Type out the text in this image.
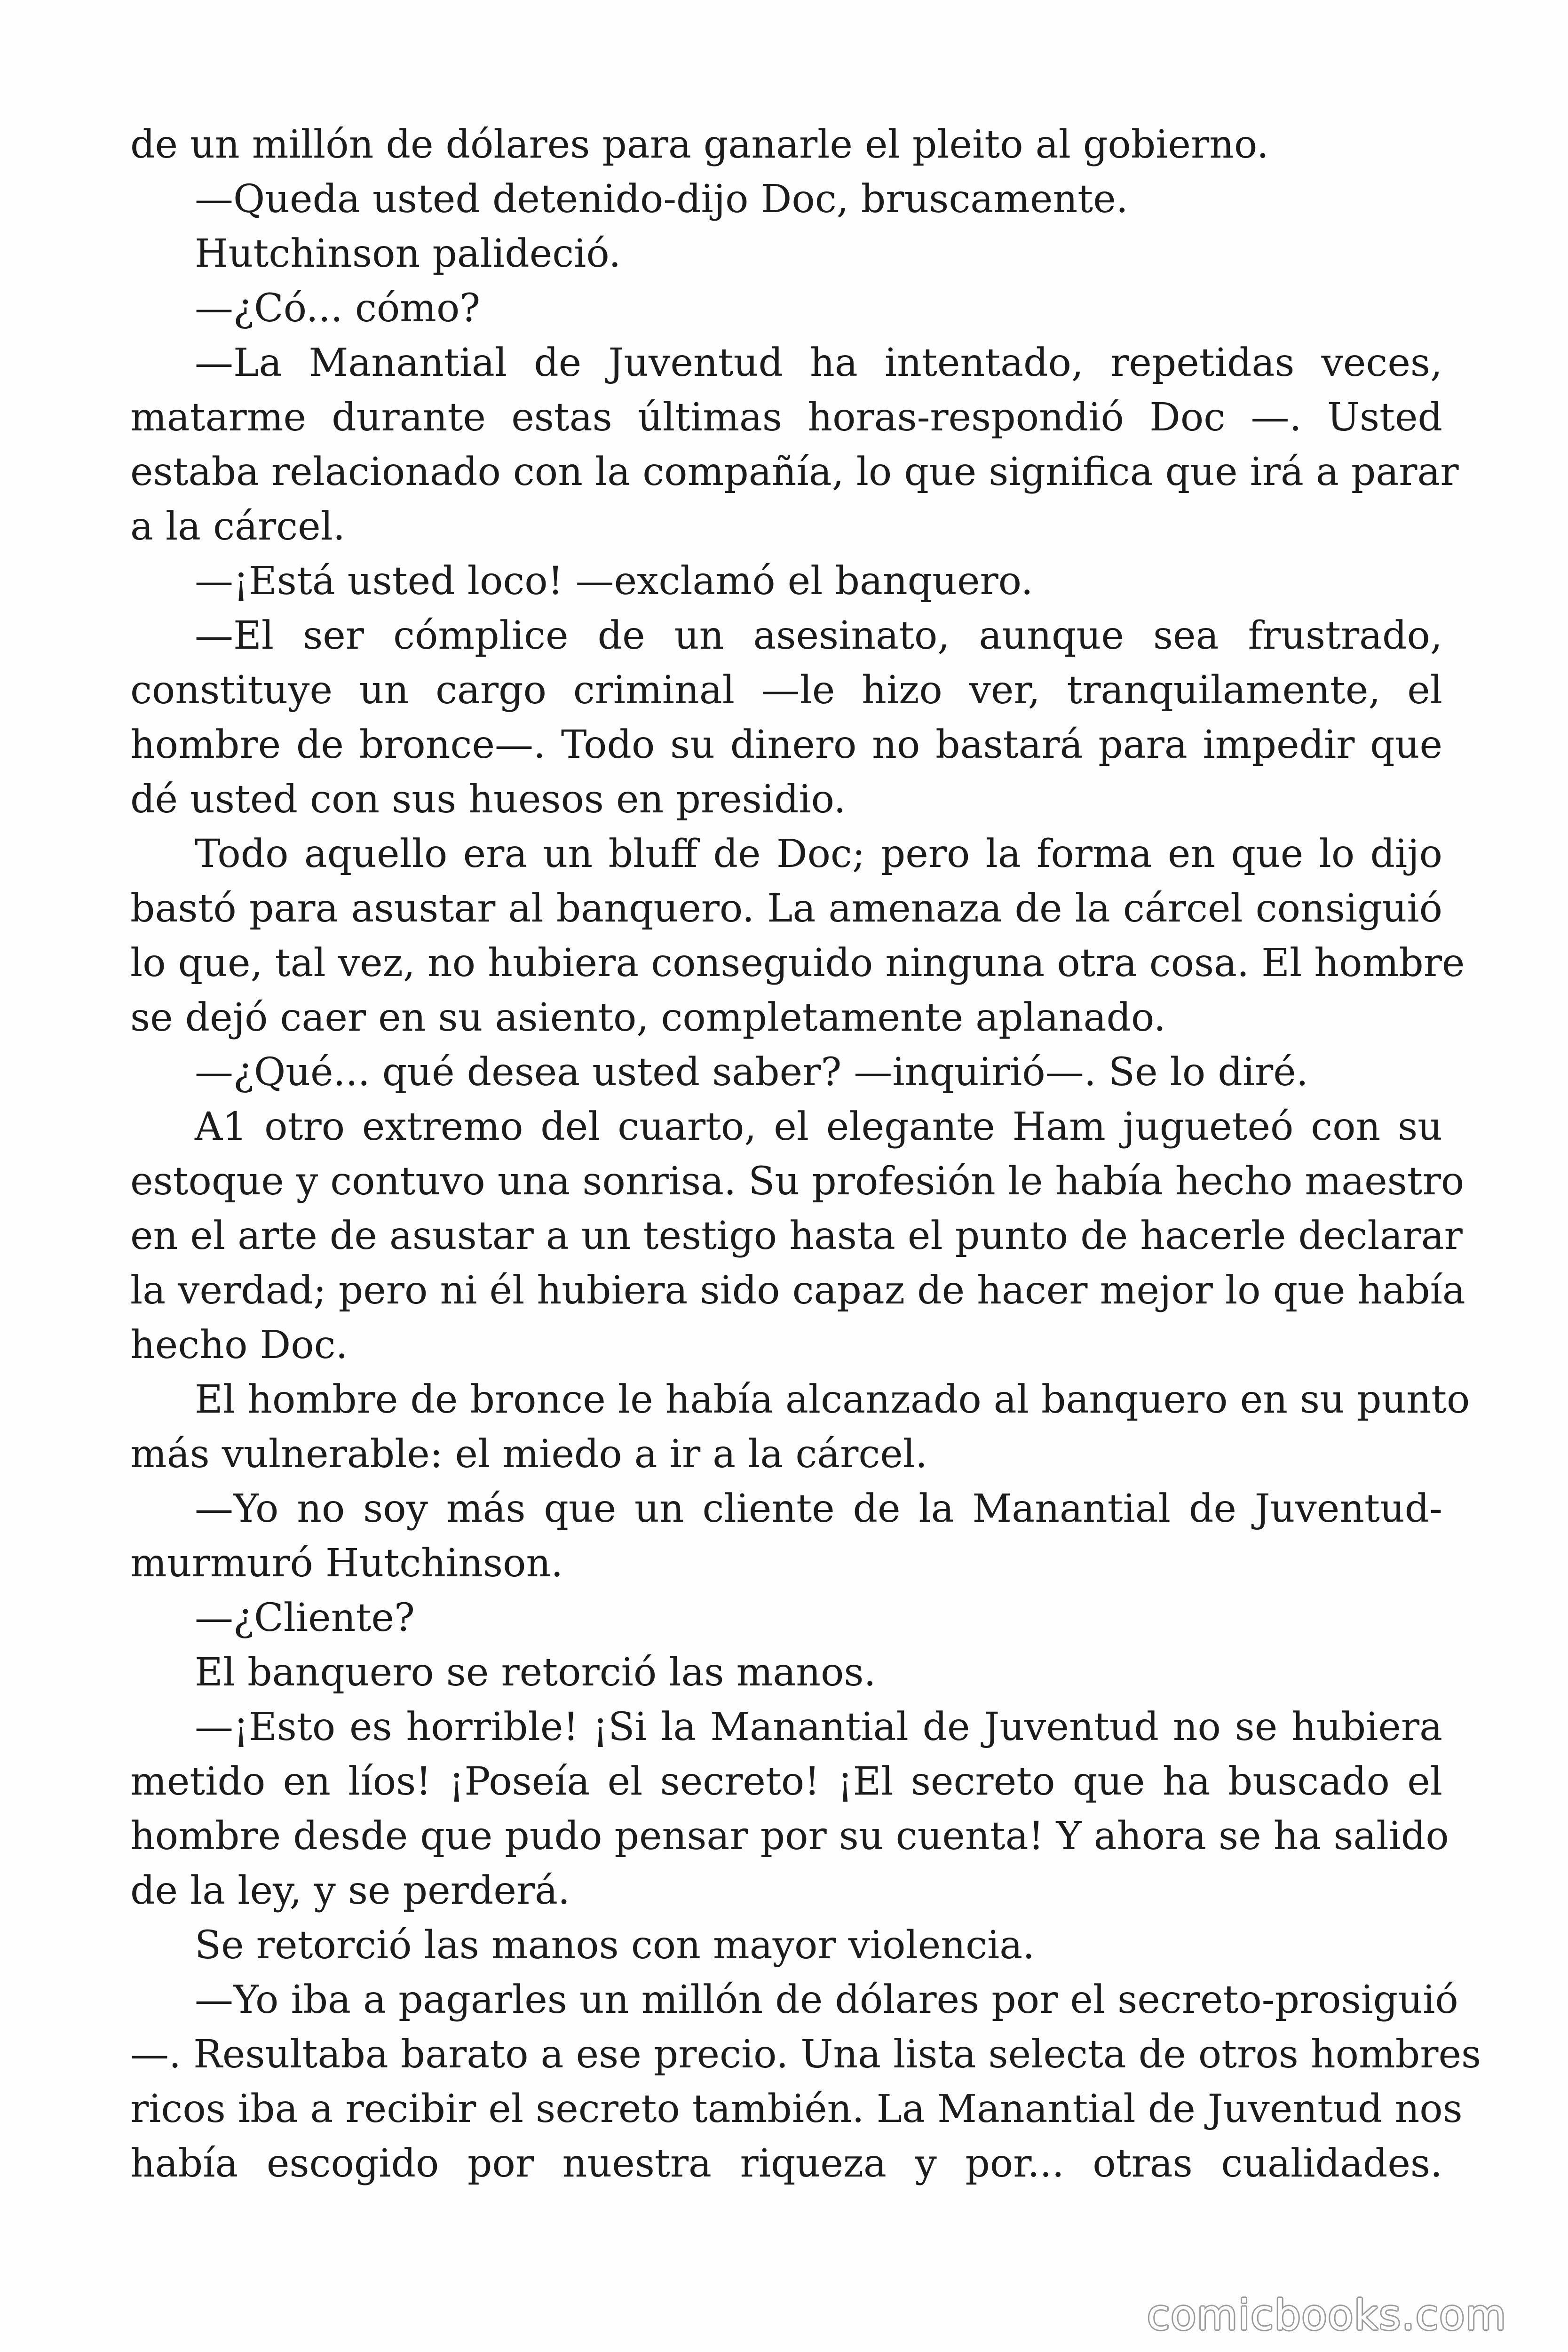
de un millón de dólares para ganarle el pleito al gobierno.
—Queda usted detenido-dijo Doc, bruscamente.
Hutchinson palideció.
—¿Có... cómo?
—La Manantial de Juventud ha intentado, repetidas veces,
matarme durante estas últimas horas-respondió Doc —. Usted
estaba relacionado con la compañía, lo que significa que irá a parar
a la cárcel.
—¡Está usted loco! —exclamó el banquero.
—El ser cómplice de un asesinato, aunque sea frustrado,
constituye un cargo criminal —le hizo ver, tranquilamente, el
hombre de bronce—. Todo su dinero no bastará para impedir que
dé usted con sus huesos en presidio.
Todo aquello era un bluff de Doc; pero la forma en que lo dijo
bastó para asustar al banquero. La amenaza de la cárcel consiguió
lo que, tal vez, no hubiera conseguido ninguna otra cosa. El hombre
se dejó caer en su asiento, completamente aplanado.
—¿Qué... qué desea usted saber? —inquirió—. Se lo diré.
A1 otro extremo del cuarto, el elegante Ham jugueteó con su
estoque y contuvo una sonrisa. Su profesión le había hecho maestro
en el arte de asustar a un testigo hasta el punto de hacerle declarar
la verdad; pero ni él hubiera sido capaz de hacer mejor lo que había
hecho Doc.
El hombre de bronce le había alcanzado al banquero en su punto
más vulnerable: el miedo a ir a la cárcel.
—Yo no soy más que un cliente de la Manantial de Juventud-
murmuró Hutchinson.
—¿Cliente?
El banquero se retorció las manos.
—¡Esto es horrible! ¡Si la Manantial de Juventud no se hubiera
metido en líos! ¡Poseía el secreto! ¡El secreto que ha buscado el
hombre desde que pudo pensar por su cuenta! Y ahora se ha salido
de la ley, y se perderá.
Se retorció las manos con mayor violencia.
—Yo iba a pagarles un millón de dólares por el secreto-prosiguió
—. Resultaba barato a ese precio. Una lista selecta de otros hombres
ricos iba a recibir el secreto también. La Manantial de Juventud nos
había escogido por nuestra riqueza y por... otras cualidades.
comicbooks.com
